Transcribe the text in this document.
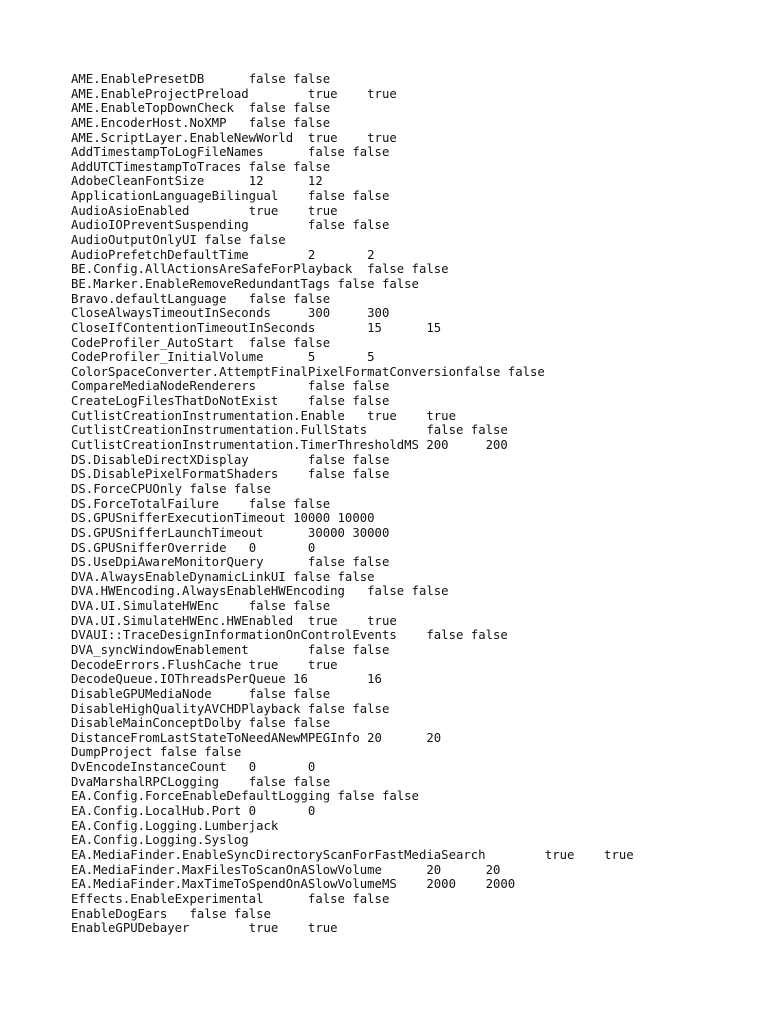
AME.EnablePresetDB	false false
AME.EnableProjectPreload	true	true
AME.EnableTopDownCheck	false false
AME.EncoderHost.NoXMP	false false
AME.ScriptLayer.EnableNewWorld	true	true
AddTimestampToLogFileNames	false false
AddUTCTimestampToTraces false false
AdobeCleanFontSize	12	12
ApplicationLanguageBilingual	false false
AudioAsioEnabled	true	true
AudioIOPreventSuspending	false false
AudioOutputOnlyUI false false
AudioPrefetchDefaultTime	2	2
BE.Config.AllActionsAreSafeForPlayback	false false
BE.Marker.EnableRemoveRedundantTags false false
Bravo.defaultLanguage	false false
CloseAlwaysTimeoutInSeconds	300	300
CloseIfContentionTimeoutInSeconds	15	15
CodeProfiler_AutoStart	false false
CodeProfiler_InitialVolume	5	5
ColorSpaceConverter.AttemptFinalPixelFormatConversionfalse false
CompareMediaNodeRenderers	false false
CreateLogFilesThatDoNotExist	false false
CutlistCreationInstrumentation.Enable	true	true
CutlistCreationInstrumentation.FullStats	false false
CutlistCreationInstrumentation.TimerThresholdMS 200	200
DS.DisableDirectXDisplay	false false
DS.DisablePixelFormatShaders	false false
DS.ForceCPUOnly	false false
DS.ForceTotalFailure	false false
DS.GPUSnifferExecutionTimeout 10000 10000
DS.GPUSnifferLaunchTimeout	30000 30000
DS.GPUSnifferOverride	0	0
DS.UseDpiAwareMonitorQuery	false false
DVA.AlwaysEnableDynamicLinkUI false false
DVA.HWEncoding.AlwaysEnableHWEncoding	false false
DVA.UI.SimulateHWEnc	false false
DVA.UI.SimulateHWEnc.HWEnabled	true	true
DVAUI::TraceDesignInformationOnControlEvents	false false
DVA_syncWindowEnablement	false false
DecodeErrors.FlushCache true	true
DecodeQueue.IOThreadsPerQueue 16	16
DisableGPUMediaNode	false false
DisableHighQualityAVCHDPlayback	false false
DisableMainConceptDolby false false
DistanceFromLastStateToNeedANewMPEGInfo	20	20
DumpProject false false
DvEncodeInstanceCount	0	0
DvaMarshalRPCLogging	false false
EA.Config.ForceEnableDefaultLogging false false
EA.Config.LocalHub.Port 0	0
EA.Config.Logging.Lumberjack
EA.Config.Logging.Syslog
EA.MediaFinder.EnableSyncDirectoryScanForFastMediaSearch	true	true
EA.MediaFinder.MaxFilesToScanOnASlowVolume	20	20
EA.MediaFinder.MaxTimeToSpendOnASlowVolumeMS	2000	2000
Effects.EnableExperimental	false false
EnableDogEars	false false
EnableGPUDebayer	true	true
